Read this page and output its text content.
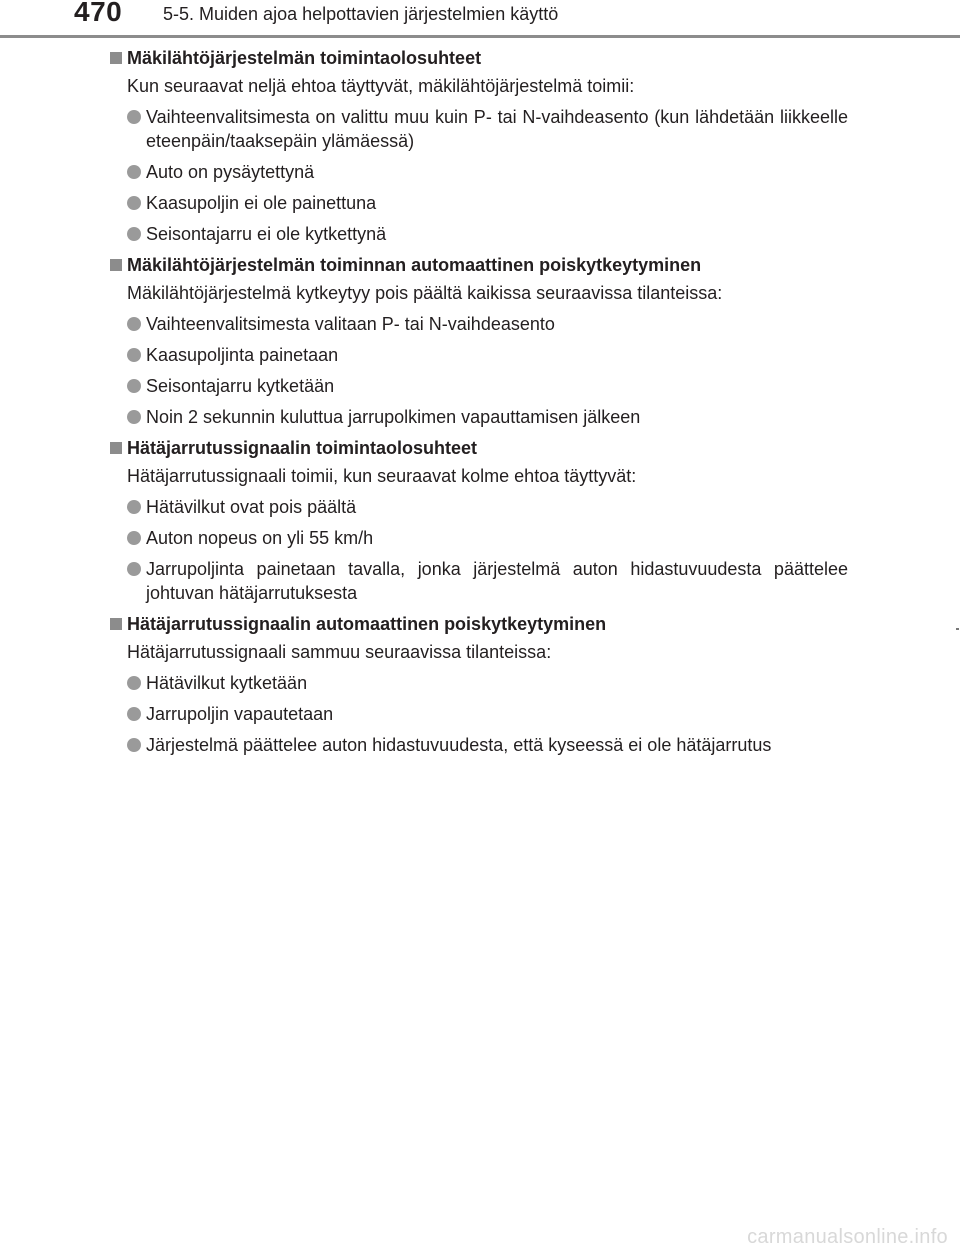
470 5-5. Muiden ajoa helpottavien järjestelmien käyttö
Mäkilähtöjärjestelmän toimintaolosuhteet
Kun seuraavat neljä ehtoa täyttyvät, mäkilähtöjärjestelmä toimii:
Vaihteenvalitsimesta on valittu muu kuin P- tai N-vaihdeasento (kun lähdetään liikkeelle eteenpäin/taaksepäin ylämäessä)
Auto on pysäytettynä
Kaasupoljin ei ole painettuna
Seisontajarru ei ole kytkettynä
Mäkilähtöjärjestelmän toiminnan automaattinen poiskytkeytyminen
Mäkilähtöjärjestelmä kytkeytyy pois päältä kaikissa seuraavissa tilanteissa:
Vaihteenvalitsimesta valitaan P- tai N-vaihdeasento
Kaasupoljinta painetaan
Seisontajarru kytketään
Noin 2 sekunnin kuluttua jarrupolkimen vapauttamisen jälkeen
Hätäjarrutussignaalin toimintaolosuhteet
Hätäjarrutussignaali toimii, kun seuraavat kolme ehtoa täyttyvät:
Hätävilkut ovat pois päältä
Auton nopeus on yli 55 km/h
Jarrupoljinta painetaan tavalla, jonka järjestelmä auton hidastuvuudesta päättelee johtuvan hätäjarrutuksesta
Hätäjarrutussignaalin automaattinen poiskytkeytyminen
Hätäjarrutussignaali sammuu seuraavissa tilanteissa:
Hätävilkut kytketään
Jarrupoljin vapautetaan
Järjestelmä päättelee auton hidastuvuudesta, että kyseessä ei ole hätäjarrutus
carmanualsonline.info
